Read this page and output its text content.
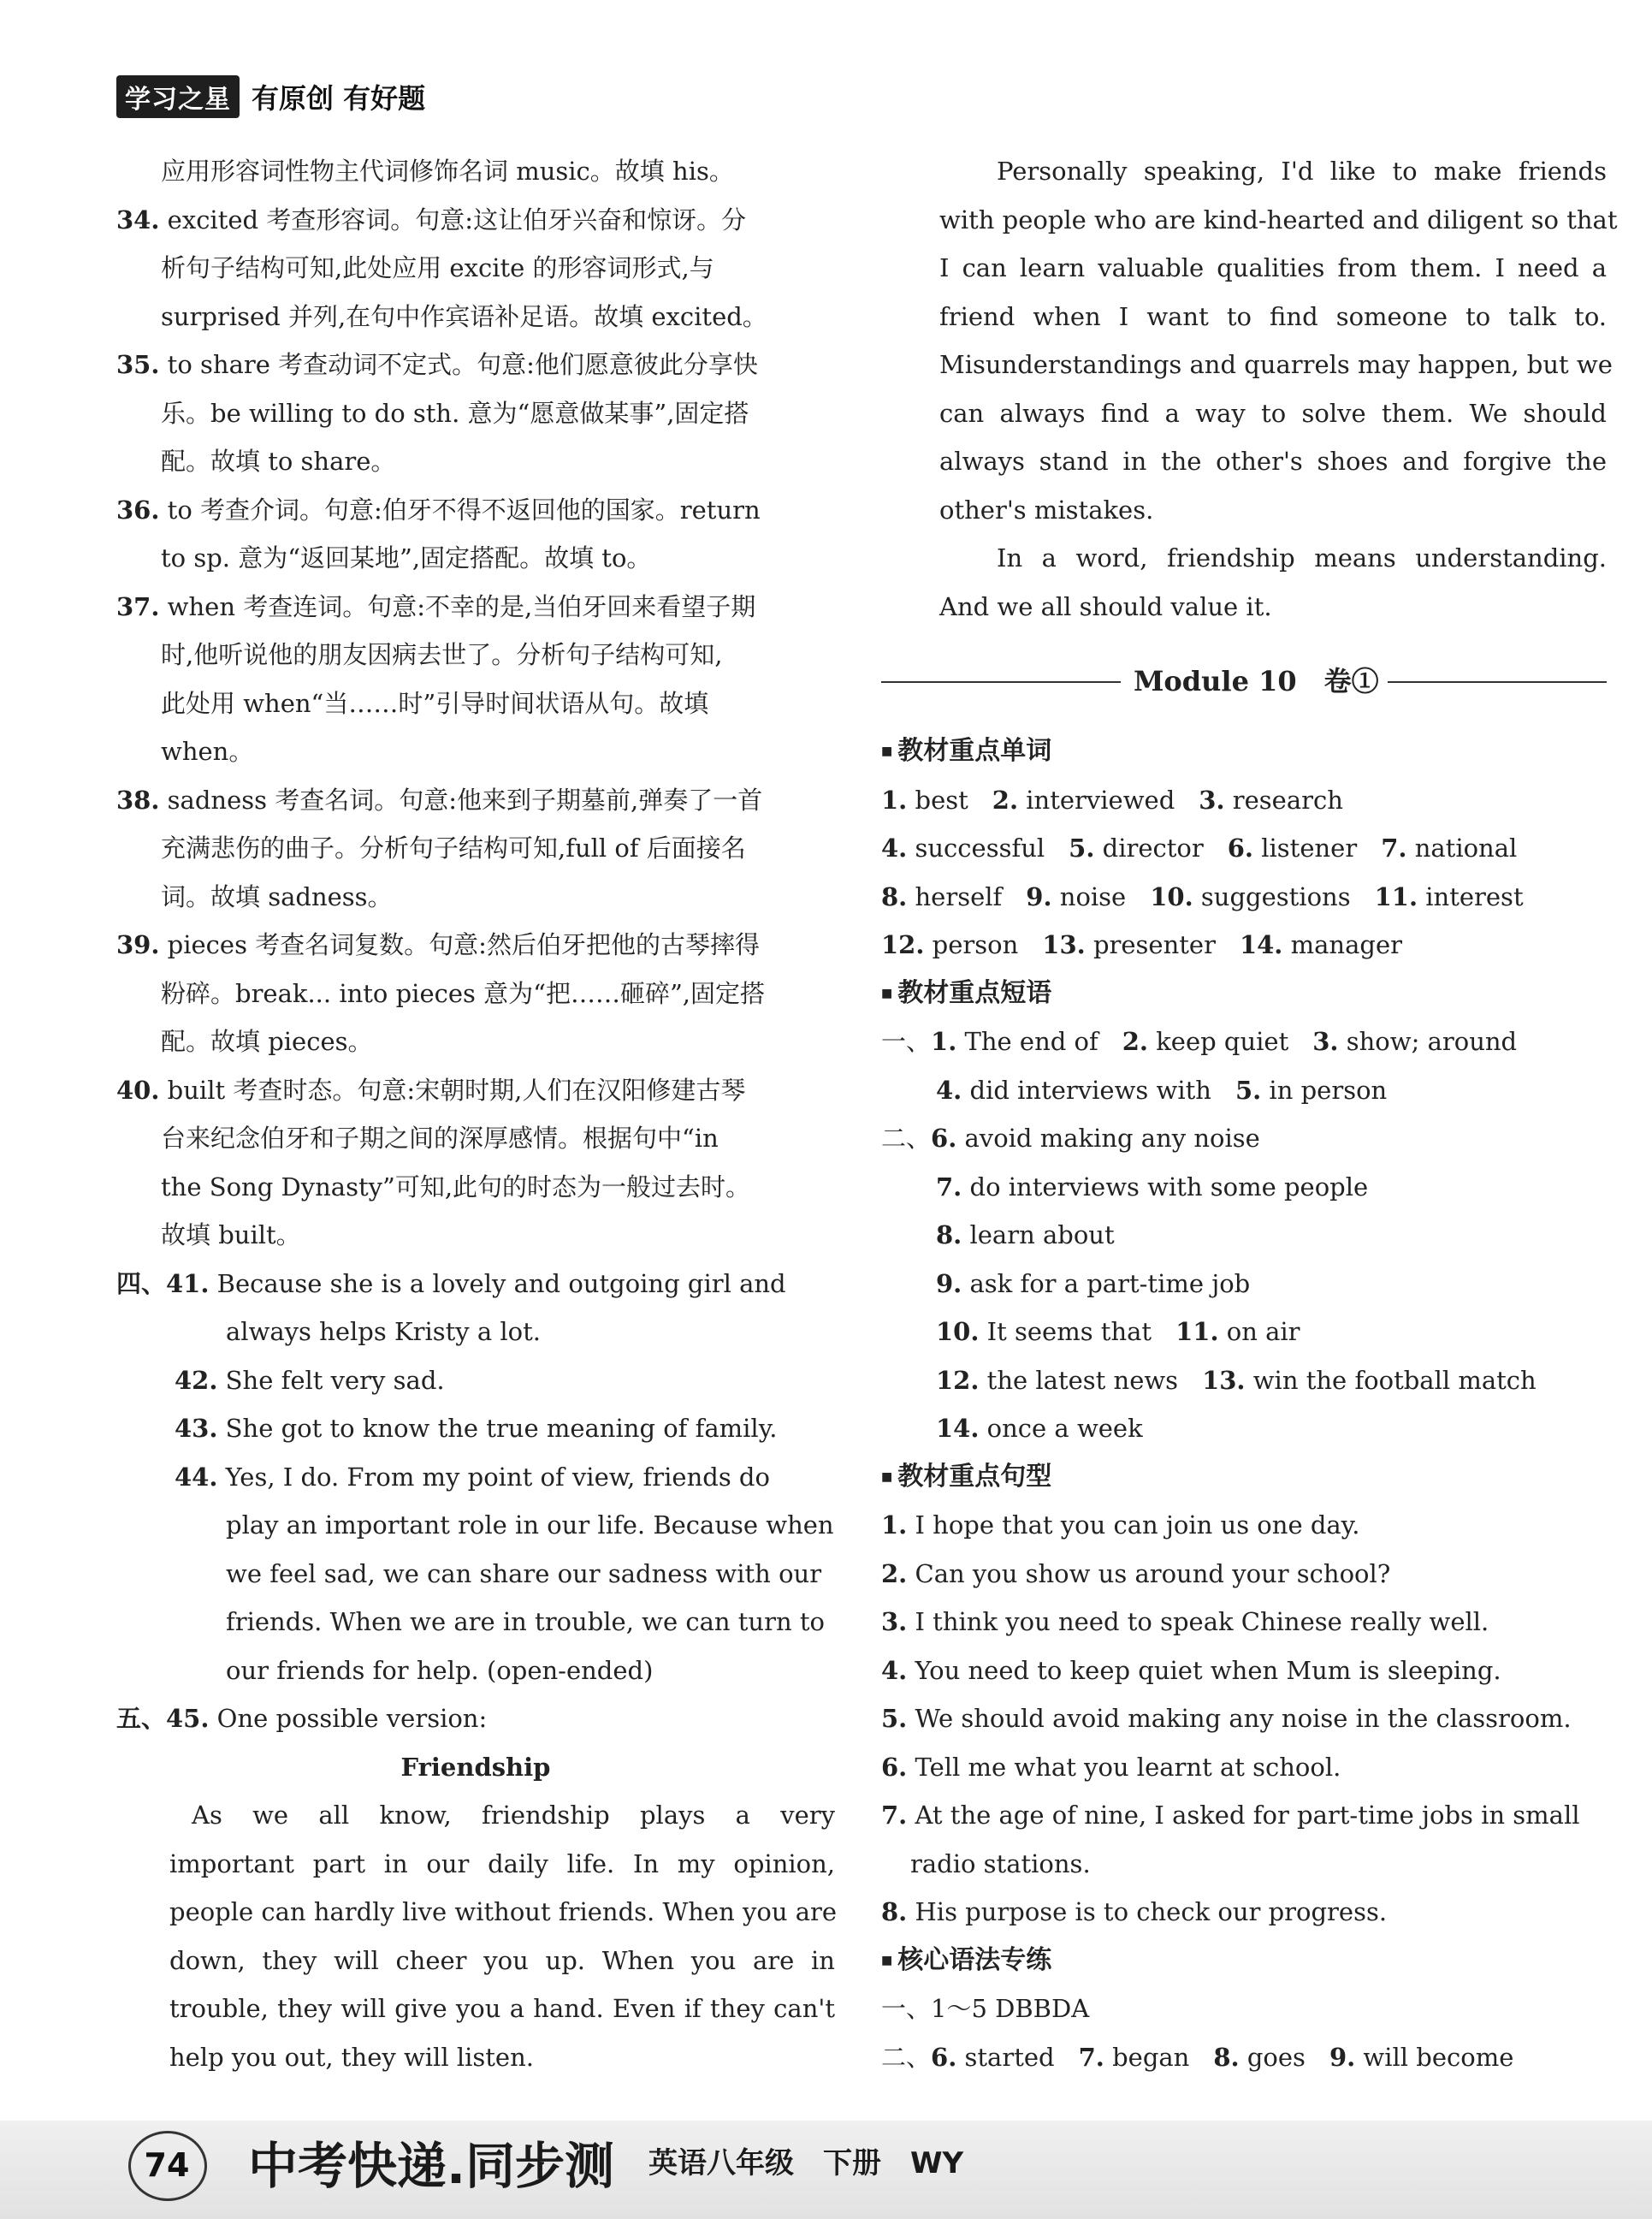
学习之星 有原创 有好题
应用形容词性物主代词修饰名词 music。故填 his。
34. excited 考查形容词。句意:这让伯牙兴奋和惊讶。分
析句子结构可知,此处应用 excite 的形容词形式,与
surprised 并列,在句中作宾语补足语。故填 excited。
35. to share 考查动词不定式。句意:他们愿意彼此分享快
乐。be willing to do sth. 意为“愿意做某事”,固定搭
配。故填 to share。
36. to 考查介词。句意:伯牙不得不返回他的国家。return
to sp. 意为“返回某地”,固定搭配。故填 to。
37. when 考查连词。句意:不幸的是,当伯牙回来看望子期
时,他听说他的朋友因病去世了。分析句子结构可知,
此处用 when“当……时”引导时间状语从句。故填
when。
38. sadness 考查名词。句意:他来到子期墓前,弹奏了一首
充满悲伤的曲子。分析句子结构可知,full of 后面接名
词。故填 sadness。
39. pieces 考查名词复数。句意:然后伯牙把他的古琴摔得
粉碎。break... into pieces 意为“把……砸碎”,固定搭
配。故填 pieces。
40. built 考查时态。句意:宋朝时期,人们在汉阳修建古琴
台来纪念伯牙和子期之间的深厚感情。根据句中“in
the Song Dynasty”可知,此句的时态为一般过去时。
故填 built。
四、41. Because she is a lovely and outgoing girl and
always helps Kristy a lot.
42. She felt very sad.
43. She got to know the true meaning of family.
44. Yes, I do. From my point of view, friends do
play an important role in our life. Because when
we feel sad, we can share our sadness with our
friends. When we are in trouble, we can turn to
our friends for help. (open-ended)
五、45. One possible version:
Friendship
As we all know, friendship plays a very
important part in our daily life. In my opinion,
people can hardly live without friends. When you are
down, they will cheer you up. When you are in
trouble, they will give you a hand. Even if they can't
help you out, they will listen.
Personally speaking, I'd like to make friends
with people who are kind-hearted and diligent so that
I can learn valuable qualities from them. I need a
friend when I want to find someone to talk to.
Misunderstandings and quarrels may happen, but we
can always find a way to solve them. We should
always stand in the other's shoes and forgive the
other's mistakes.
In a word, friendship means understanding.
And we all should value it.
Module 10　卷①
■ 教材重点单词
1. best 2. interviewed 3. research
4. successful 5. director 6. listener 7. national
8. herself 9. noise 10. suggestions 11. interest
12. person 13. presenter 14. manager
■ 教材重点短语
一、1. The end of 2. keep quiet 3. show; around
4. did interviews with 5. in person
二、6. avoid making any noise
7. do interviews with some people
8. learn about
9. ask for a part-time job
10. It seems that 11. on air
12. the latest news 13. win the football match
14. once a week
■ 教材重点句型
1. I hope that you can join us one day.
2. Can you show us around your school?
3. I think you need to speak Chinese really well.
4. You need to keep quiet when Mum is sleeping.
5. We should avoid making any noise in the classroom.
6. Tell me what you learnt at school.
7. At the age of nine, I asked for part-time jobs in small
radio stations.
8. His purpose is to check our progress.
■ 核心语法专练
一、1～5 DBBDA
二、6. started 7. began 8. goes 9. will become
74	中考快递.同步测 英语八年级　下册　WY
